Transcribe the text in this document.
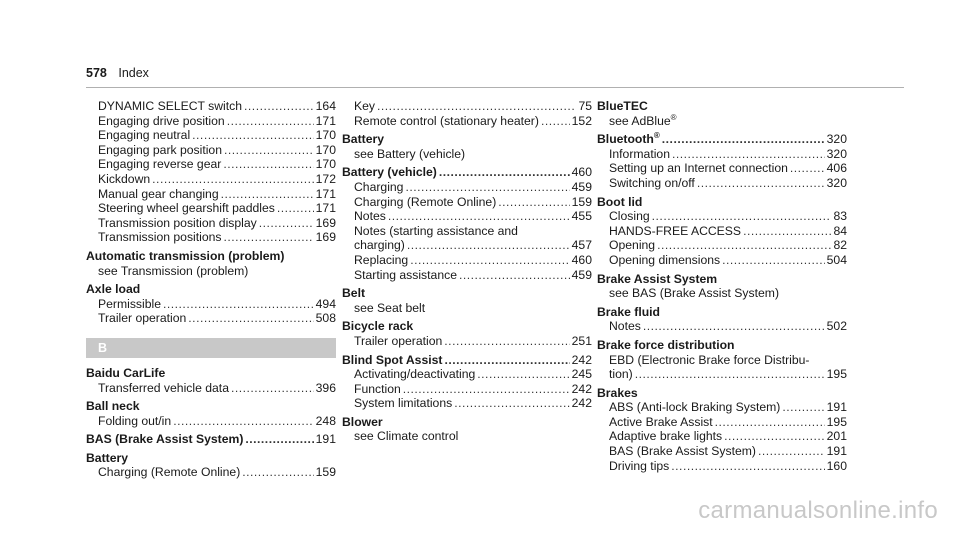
578 Index
DYNAMIC SELECT switch .....	164
Engaging drive position .....	171
Engaging neutral .....	170
Engaging park position .....	170
Engaging reverse gear .....	170
Kickdown .....	172
Manual gear changing .....	171
Steering wheel gearshift paddles .....	171
Transmission position display .....	169
Transmission positions .....	169
Automatic transmission (problem)
see Transmission (problem)
Axle load
Permissible .....	494
Trailer operation .....	508
B
Baidu CarLife
Transferred vehicle data .....	396
Ball neck
Folding out/in .....	248
BAS (Brake Assist System) .....	191
Battery
Charging (Remote Online) .....	159
Key .....	75
Remote control (stationary heater) .....	152
Battery
see Battery (vehicle)
Battery (vehicle) .....	460
Charging .....	459
Charging (Remote Online) .....	159
Notes .....	455
Notes (starting assistance and
charging) .....	457
Replacing .....	460
Starting assistance .....	459
Belt
see Seat belt
Bicycle rack
Trailer operation .....	251
Blind Spot Assist .....	242
Activating/deactivating .....	245
Function .....	242
System limitations .....	242
Blower
see Climate control
BlueTEC
see AdBlue®
Bluetooth® .....	320
Information .....	320
Setting up an Internet connection .....	406
Switching on/off .....	320
Boot lid
Closing .....	83
HANDS-FREE ACCESS .....	84
Opening .....	82
Opening dimensions .....	504
Brake Assist System
see BAS (Brake Assist System)
Brake fluid
Notes .....	502
Brake force distribution
EBD (Electronic Brake force Distribu-
tion) .....	195
Brakes
ABS (Anti-lock Braking System) .....	191
Active Brake Assist .....	195
Adaptive brake lights .....	201
BAS (Brake Assist System) .....	191
Driving tips .....	160
carmanualsonline.info
